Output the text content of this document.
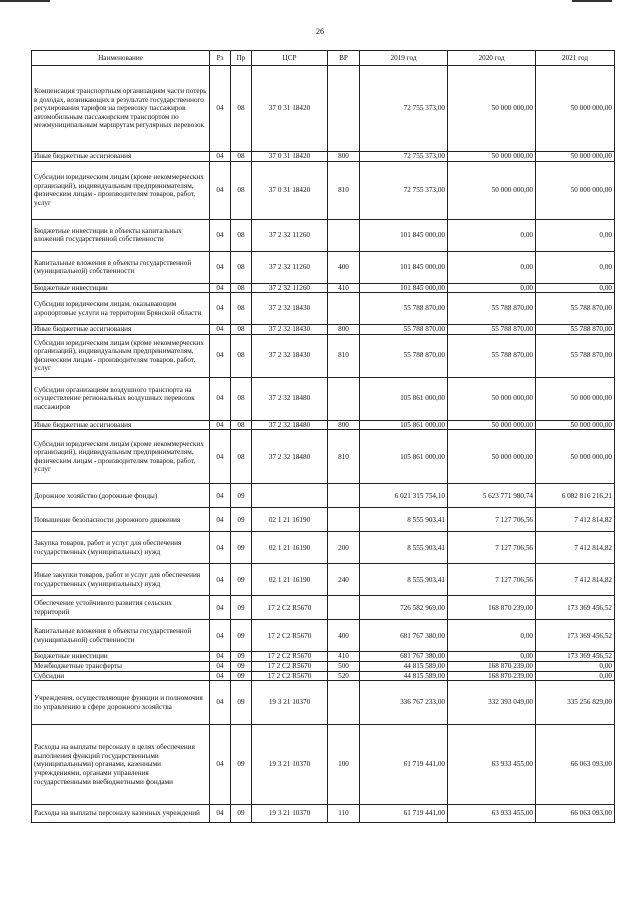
26
Наименование	Рз	Пр	ЦСР	ВР	2019 год	2020 год	2021 год
Компенсация транспортным организациям части потерь в доходах, возникающих в результате государственного регулирования тарифов на перевозку пассажиров автомобильным пассажирским транспортом по межмуниципальным маршрутам регулярных перевозок	04	08	37 0 31 18420		72 755 373,00	50 000 000,00	50 000 000,00
Иные бюджетные ассигнования	04	08	37 0 31 18420	800	72 755 373,00	50 000 000,00	50 000 000,00
Субсидии юридическим лицам (кроме некоммерческих организаций), индивидуальным предпринимателям, физическим лицам - производителям товаров, работ, услуг	04	08	37 0 31 18420	810	72 755 373,00	50 000 000,00	50 000 000,00
Бюджетные инвестиции в объекты капитальных вложений государственной собственности	04	08	37 2 32 11260		101 845 000,00	0,00	0,00
Капитальные вложения в объекты государственной (муниципальной) собственности	04	08	37 2 32 11260	400	101 845 000,00	0,00	0,00
Бюджетные инвестиции	04	08	37 2 32 11260	410	101 845 000,00	0,00	0,00
Субсидии юридическим лицам, оказывающим аэропортовые услуги на территории Брянской области	04	08	37 2 32 18430		55 788 870,00	55 788 870,00	55 788 870,00
Иные бюджетные ассигнования	04	08	37 2 32 18430	800	55 788 870,00	55 788 870,00	55 788 870,00
Субсидии юридическим лицам (кроме некоммерческих организаций), индивидуальным предпринимателям, физическим лицам - производителям товаров, работ, услуг	04	08	37 2 32 18430	810	55 788 870,00	55 788 870,00	55 788 870,00
Субсидии организациям воздушного транспорта на осуществление региональных воздушных перевозок пассажиров	04	08	37 2 32 18480		105 861 000,00	50 000 000,00	50 000 000,00
Иные бюджетные ассигнования	04	08	37 2 32 18480	800	105 861 000,00	50 000 000,00	50 000 000,00
Субсидии юридическим лицам (кроме некоммерческих организаций), индивидуальным предпринимателям, физическим лицам - производителям товаров, работ, услуг	04	08	37 2 32 18480	810	105 861 000,00	50 000 000,00	50 000 000,00
Дорожное хозяйство (дорожные фонды)	04	09			6 021 315 754,10	5 623 771 980,74	6 082 816 216,21
Повышение безопасности дорожного движения	04	09	02 1 21 16190		8 555 903,41	7 127 706,56	7 412 814,82
Закупка товаров, работ и услуг для обеспечения государственных (муниципальных) нужд	04	09	02 1 21 16190	200	8 555 903,41	7 127 706,56	7 412 814,82
Иные закупки товаров, работ и услуг для обеспечения государственных (муниципальных) нужд	04	09	02 1 21 16190	240	8 555 903,41	7 127 706,56	7 412 814,82
Обеспечение устойчивого развития сельских территорий	04	09	17 2 C2 R5670		726 582 969,00	168 870 239,00	173 369 456,52
Капитальные вложения в объекты государственной (муниципальной) собственности	04	09	17 2 C2 R5670	400	681 767 380,00	0,00	173 369 456,52
Бюджетные инвестиции	04	09	17 2 C2 R5670	410	681 767 380,00	0,00	173 369 456,52
Межбюджетные трансферты	04	09	17 2 C2 R5670	500	44 815 589,00	168 870 239,00	0,00
Субсидии	04	09	17 2 C2 R5670	520	44 815 589,00	168 870 239,00	0,00
Учреждения, осуществляющие функции и полномочия по управлению в сфере дорожного хозяйства	04	09	19 3 21 10370		336 767 233,00	332 393 049,00	335 256 829,00
Расходы на выплаты персоналу в целях обеспечения выполнения функций государственными (муниципальными) органами, казенными учреждениями, органами управления государственными внебюджетными фондами	04	09	19 3 21 10370	100	61 719 441,00	63 933 455,00	66 063 093,00
Расходы на выплаты персоналу казенных учреждений	04	09	19 3 21 10370	110	61 719 441,00	63 933 455,00	66 063 093,00
